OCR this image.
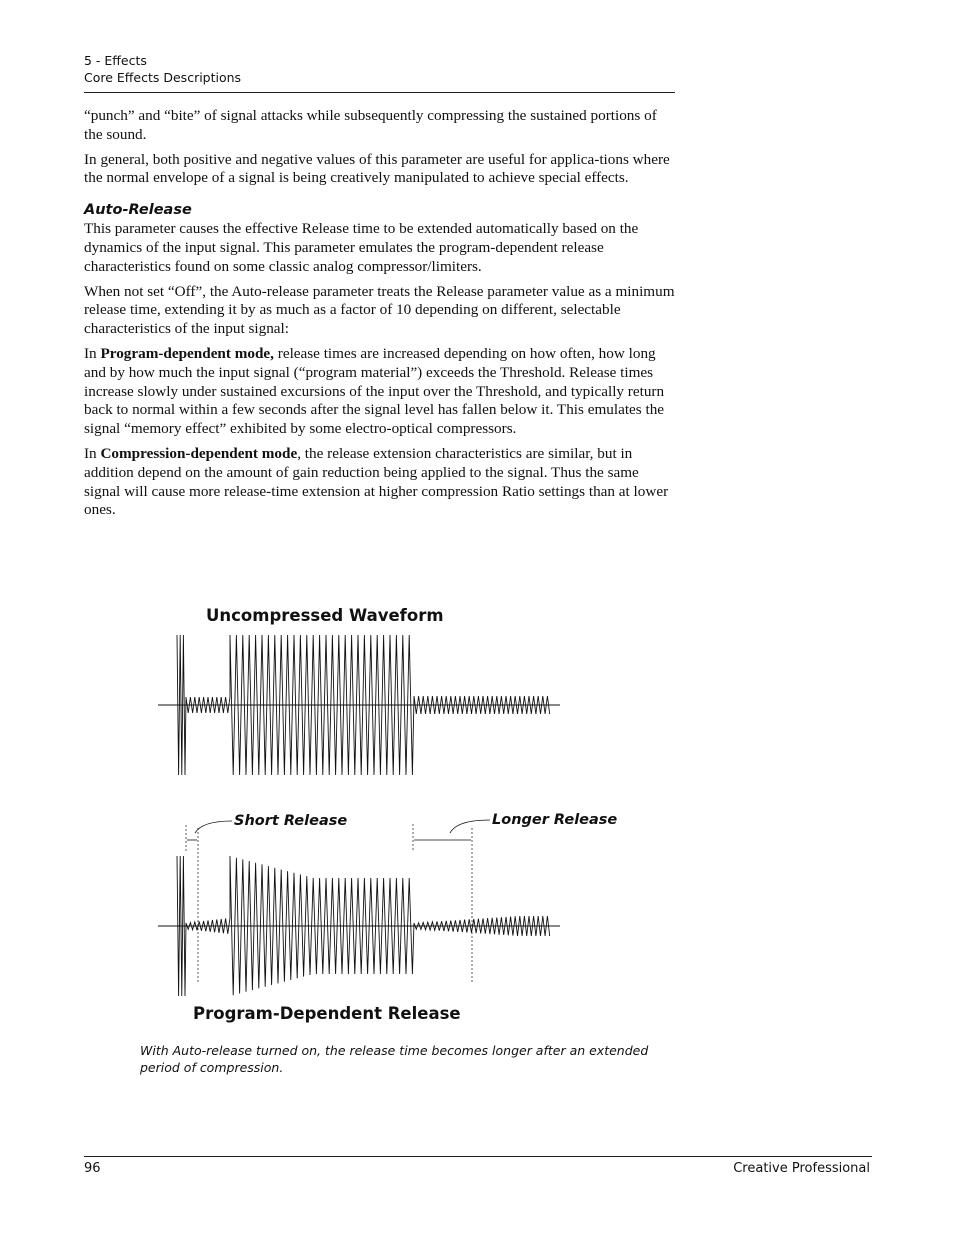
5 - Effects
Core Effects Descriptions

“punch” and “bite” of signal attacks while subsequently compressing the sustained portions of the sound.

In general, both positive and negative values of this parameter are useful for applica-tions where the normal envelope of a signal is being creatively manipulated to achieve special effects.

Auto-Release

This parameter causes the effective Release time to be extended automatically based on the dynamics of the input signal. This parameter emulates the program-dependent release characteristics found on some classic analog compressor/limiters.

When not set “Off”, the Auto-release parameter treats the Release parameter value as a minimum release time, extending it by as much as a factor of 10 depending on different, selectable characteristics of the input signal:

In Program-dependent mode, release times are increased depending on how often, how long and by how much the input signal (“program material”) exceeds the Threshold. Release times increase slowly under sustained excursions of the input over the Threshold, and typically return back to normal within a few seconds after the signal level has fallen below it. This emulates the signal “memory effect” exhibited by some electro-optical compressors.

In Compression-dependent mode, the release extension characteristics are similar, but in addition depend on the amount of gain reduction being applied to the signal. Thus the same signal will cause more release-time extension at higher compression Ratio settings than at lower ones.

Uncompressed Waveform
Short Release	Longer Release
Program-Dependent Release
With Auto-release turned on, the release time becomes longer after an extended
period of compression.
96	Creative Professional
